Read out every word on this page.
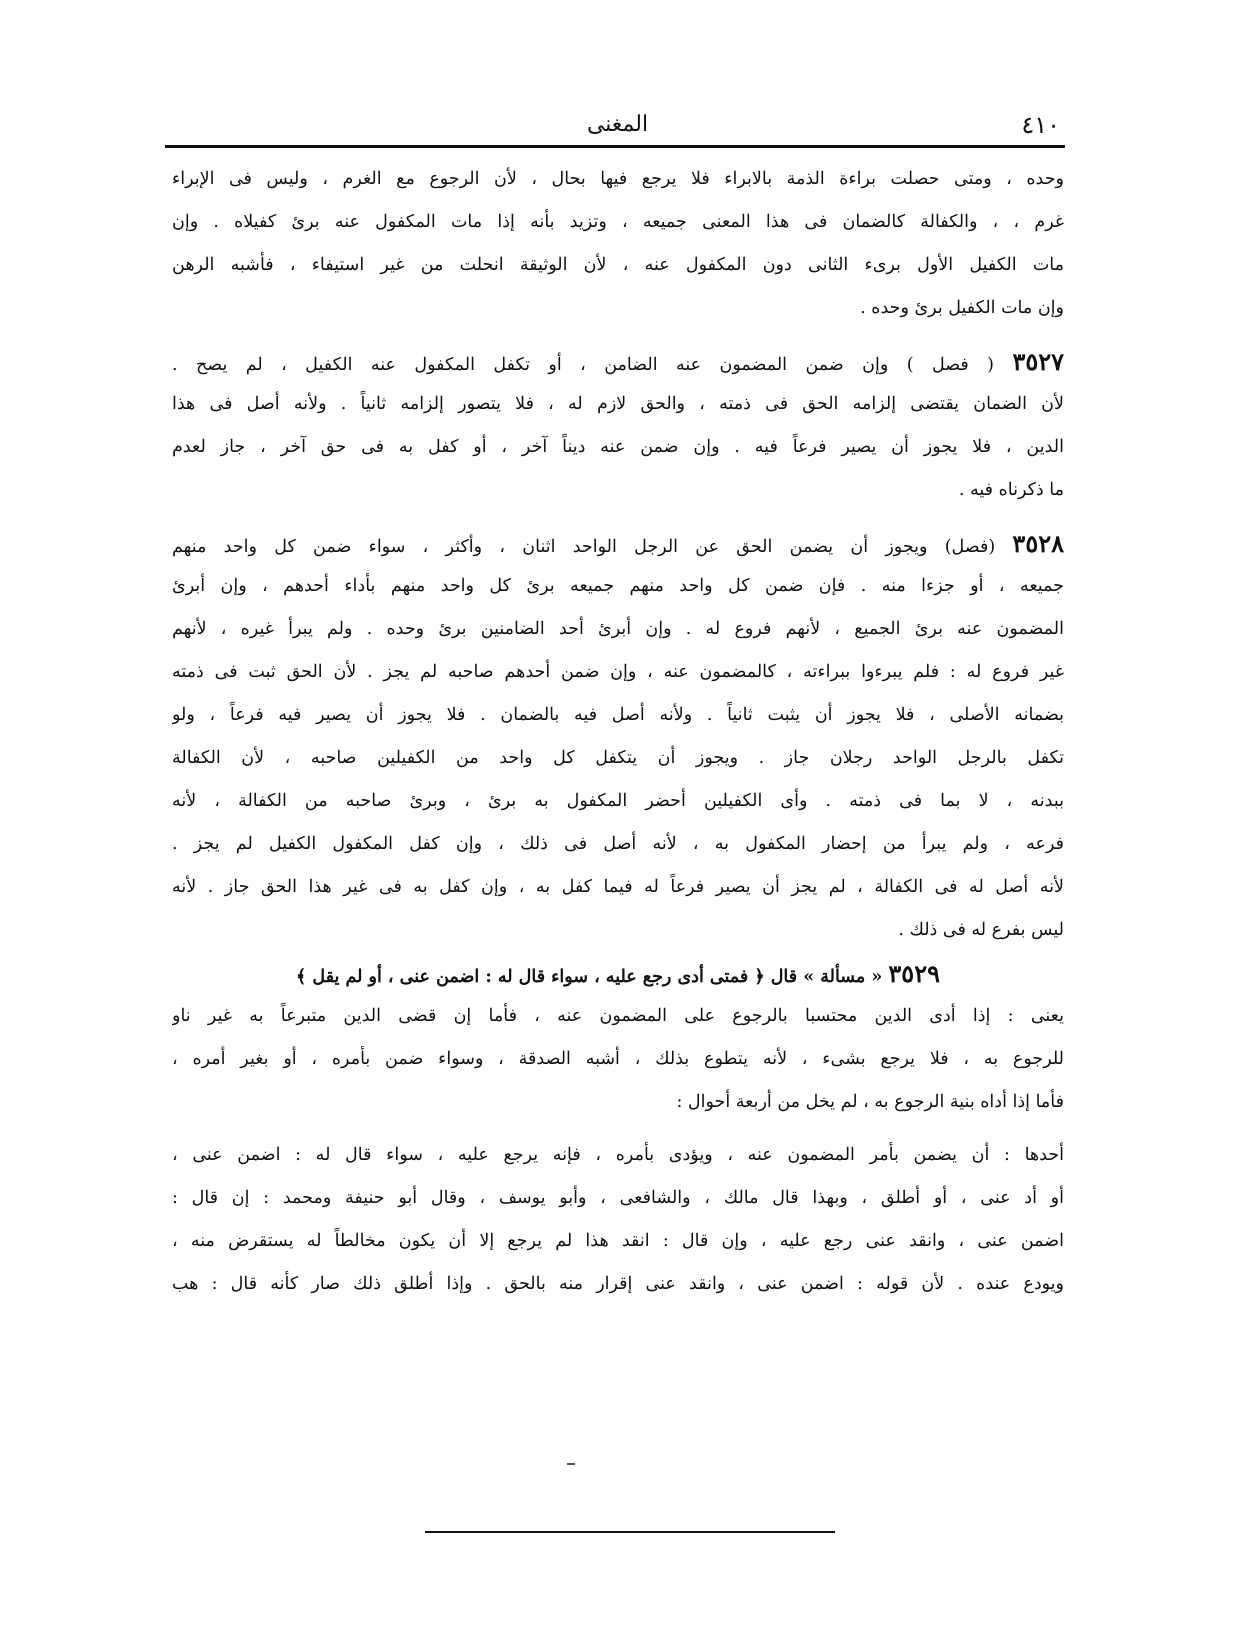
٤١٠
المغنى
وحده ، ومتى حصلت براءة الذمة بالابراء فلا يرجع فيها بحال ، لأن الرجوع مع الغرم ، وليس فى الإبراء
غرم ، ، والكفالة كالضمان فى هذا المعنى جميعه ، وتزيد بأنه إذا مات المكفول عنه برئ كفيلاه . وإن
مات الكفيل الأول برىء الثانى دون المكفول عنه ، لأن الوثيقة انحلت من غير استيفاء ، فأشبه الرهن
وإن مات الكفيل برئ وحده .
٣٥٢٧ ( فصل ) وإن ضمن المضمون عنه الضامن ، أو تكفل المكفول عنه الكفيل ، لم يصح .
لأن الضمان يقتضى إلزامه الحق فى ذمته ، والحق لازم له ، فلا يتصور إلزامه ثانياً . ولأنه أصل فى هذا
الدين ، فلا يجوز أن يصير فرعاً فيه . وإن ضمن عنه ديناً آخر ، أو كفل به فى حق آخر ، جاز لعدم
ما ذكرناه فيه .
٣٥٢٨ (فصل) ويجوز أن يضمن الحق عن الرجل الواحد اثنان ، وأكثر ، سواء ضمن كل واحد منهم
جميعه ، أو جزءا منه . فإن ضمن كل واحد منهم جميعه برئ كل واحد منهم بأداء أحدهم ، وإن أبرئ
المضمون عنه برئ الجميع ، لأنهم فروع له . وإن أبرئ أحد الضامنين برئ وحده . ولم يبرأ غيره ، لأنهم
غير فروع له : فلم يبرءوا ببراءته ، كالمضمون عنه ، وإن ضمن أحدهم صاحبه لم يجز . لأن الحق ثبت فى ذمته
بضمانه الأصلى ، فلا يجوز أن يثبت ثانياً . ولأنه أصل فيه بالضمان . فلا يجوز أن يصير فيه فرعاً ، ولو
تكفل بالرجل الواحد رجلان جاز . ويجوز أن يتكفل كل واحد من الكفيلين صاحبه ، لأن الكفالة
ببدنه ، لا بما فى ذمته . وأى الكفيلين أحضر المكفول به برئ ، وبرئ صاحبه من الكفالة ، لأنه
فرعه ، ولم يبرأ من إحضار المكفول به ، لأنه أصل فى ذلك ، وإن كفل المكفول الكفيل لم يجز .
لأنه أصل له فى الكفالة ، لم يجز أن يصير فرعاً له فيما كفل به ، وإن كفل به فى غير هذا الحق جاز . لأنه
ليس بفرع له فى ذلك .
٣٥٢٩ « مسألة » قال ﴿ فمتى أدى رجع عليه ، سواء قال له : اضمن عنى ، أو لم يقل ﴾
يعنى : إذا أدى الدين محتسبا بالرجوع على المضمون عنه ، فأما إن قضى الدين متبرعاً به غير ناو
للرجوع به ، فلا يرجع بشىء ، لأنه يتطوع بذلك ، أشبه الصدقة ، وسواء ضمن بأمره ، أو بغير أمره ،
فأما إذا أداه بنية الرجوع به ، لم يخل من أربعة أحوال :
أحدها : أن يضمن بأمر المضمون عنه ، ويؤدى بأمره ، فإنه يرجع عليه ، سواء قال له : اضمن عنى ،
أو أد عنى ، أو أطلق ، وبهذا قال مالك ، والشافعى ، وأبو يوسف ، وقال أبو حنيفة ومحمد : إن قال :
اضمن عنى ، وانقد عنى رجع عليه ، وإن قال : انقد هذا لم يرجع إلا أن يكون مخالطاً له يستقرض منه ،
ويودع عنده . لأن قوله : اضمن عنى ، وانقد عنى إقرار منه بالحق . وإذا أطلق ذلك صار كأنه قال : هب
